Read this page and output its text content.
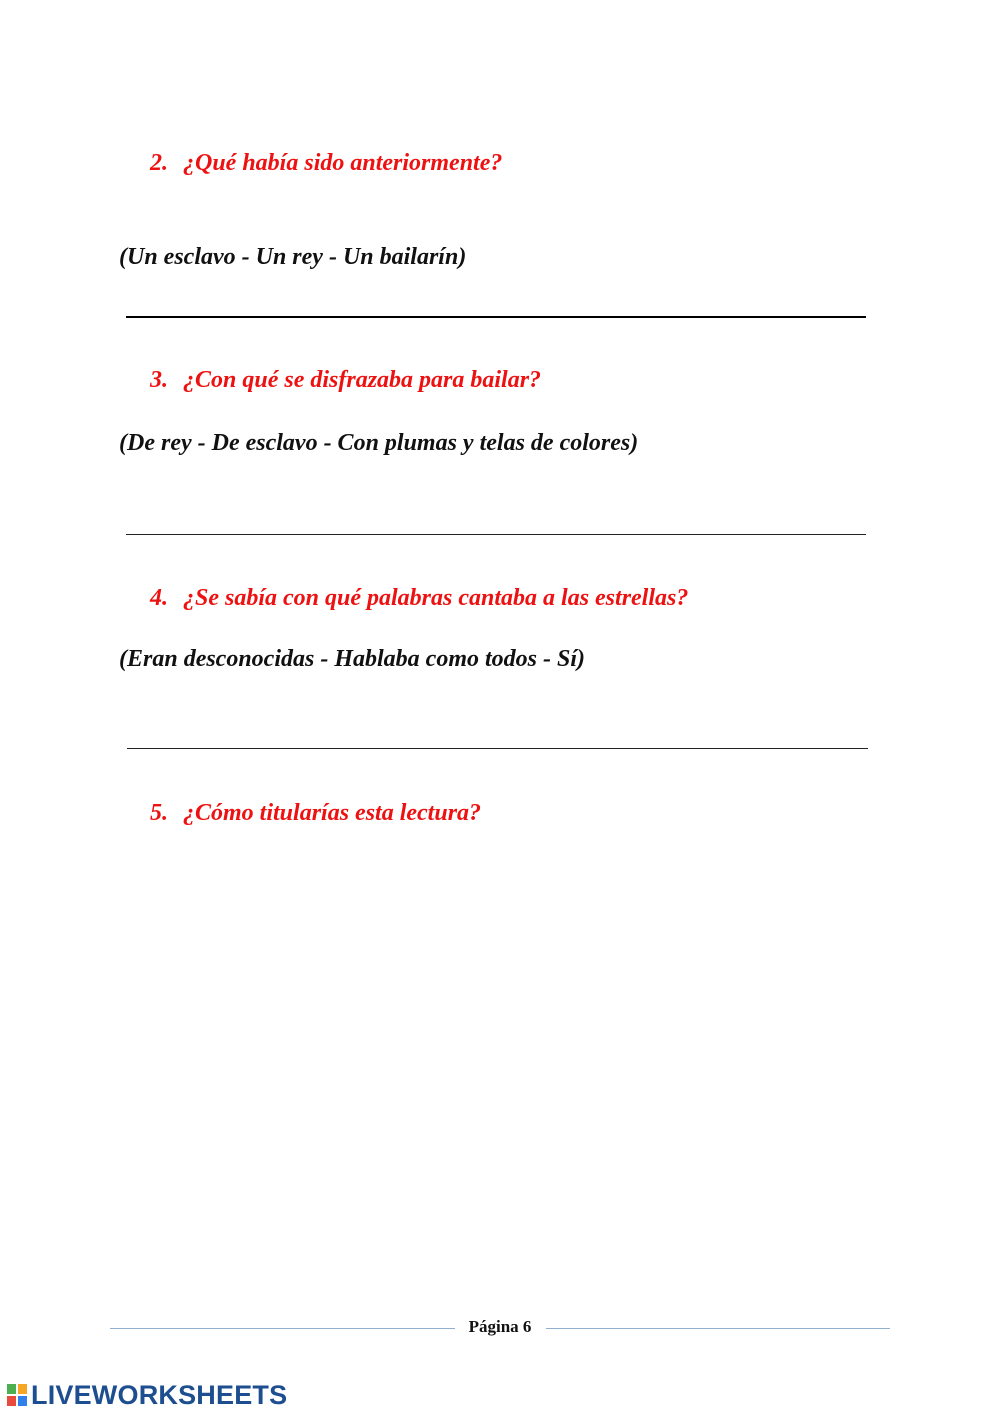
2. ¿Qué había sido anteriormente?

(Un esclavo - Un rey - Un bailarín)

3. ¿Con qué se disfrazaba para bailar?

(De rey - De esclavo - Con plumas y telas de colores)

4. ¿Se sabía con qué palabras cantaba a las estrellas?

(Eran desconocidas - Hablaba como todos - Sí)

5. ¿Cómo titularías esta lectura?

Página 6
LIVEWORKSHEETS
